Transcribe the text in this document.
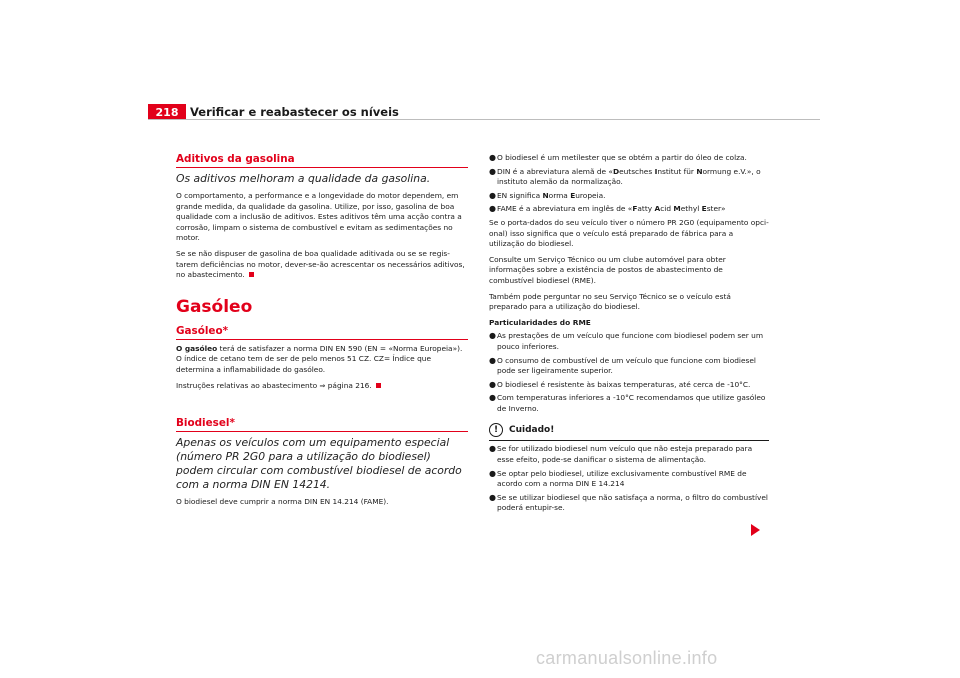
218	Verificar e reabastecer os níveis
Aditivos da gasolina

Os aditivos melhoram a qualidade da gasolina.

O comportamento, a performance e a longevidade do motor dependem, em grande medida, da qualidade da gasolina. Utilize, por isso, gasolina de boa qualidade com a inclusão de aditivos. Estes aditivos têm uma acção contra a corrosão, limpam o sistema de combustível e evitam as sedimentações no motor.

Se se não dispuser de gasolina de boa qualidade aditivada ou se se regis-tarem deficiências no motor, dever-se-ão acrescentar os necessários aditivos, no abastecimento.

Gasóleo
Gasóleo*

O gasóleo terá de satisfazer a norma DIN EN 590 (EN = «Norma Europeia»). O índice de cetano tem de ser de pelo menos 51 CZ. CZ= Índice que determina a inflamabilidade do gasóleo.

Instruções relativas ao abastecimento ⇒ página 216.

Biodiesel*

Apenas os veículos com um equipamento especial (número PR 2G0 para a utilização do biodiesel) podem circular com combustível biodiesel de acordo com a norma DIN EN 14214.

O biodiesel deve cumprir a norma DIN EN 14.214 (FAME).

● O biodiesel é um metílester que se obtém a partir do óleo de colza.
● DIN é a abreviatura alemã de «Deutsches Institut für Normung e.V.», o instituto alemão da normalização.
● EN significa Norma Europeia.
● FAME é a abreviatura em inglês de «Fatty Acid Methyl Ester»

Se o porta-dados do seu veículo tiver o número PR 2G0 (equipamento opci-onal) isso significa que o veículo está preparado de fábrica para a utilização do biodiesel.

Consulte um Serviço Técnico ou um clube automóvel para obter informações sobre a existência de postos de abastecimento de combustível biodiesel (RME).

Também pode perguntar no seu Serviço Técnico se o veículo está preparado para a utilização do biodiesel.

Particularidades do RME
● As prestações de um veículo que funcione com biodiesel podem ser um pouco inferiores.
● O consumo de combustível de um veículo que funcione com biodiesel pode ser ligeiramente superior.
● O biodiesel é resistente às baixas temperaturas, até cerca de -10°C.
● Com temperaturas inferiores a -10°C recomendamos que utilize gasóleo de Inverno.
!	Cuidado!
● Se for utilizado biodiesel num veículo que não esteja preparado para esse efeito, pode-se danificar o sistema de alimentação.
● Se optar pelo biodiesel, utilize exclusivamente combustível RME de acordo com a norma DIN E 14.214
● Se se utilizar biodiesel que não satisfaça a norma, o filtro do combustível poderá entupir-se.
carmanualsonline.info
